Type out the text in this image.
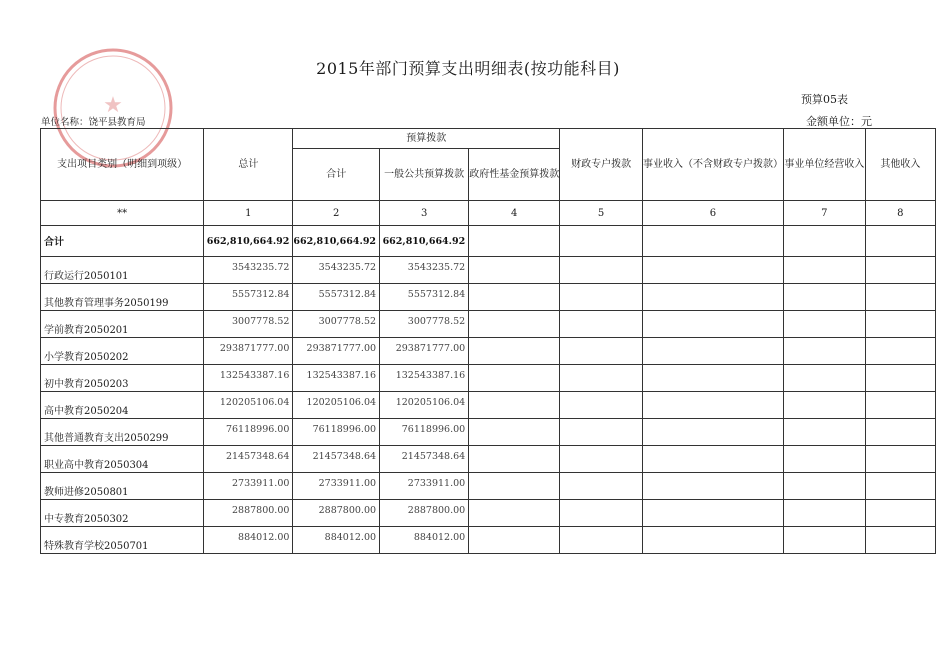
★
2015年部门预算支出明细表(按功能科目)
预算05表
单位名称：饶平县教育局	金额单位：元
支出项目类别（明细到项级）	总计	预算拨款			财政专户拨款	事业收入（不含财政专户拨款）	事业单位经营收入	其他收入
		合计	一般公共预算拨款	政府性基金预算拨款				
**	1	2	3	4	5	6	7	8
合计	662,810,664.92	662,810,664.92	662,810,664.92					
行政运行2050101	3543235.72	3543235.72	3543235.72					
其他教育管理事务2050199	5557312.84	5557312.84	5557312.84					
学前教育2050201	3007778.52	3007778.52	3007778.52					
小学教育2050202	293871777.00	293871777.00	293871777.00					
初中教育2050203	132543387.16	132543387.16	132543387.16					
高中教育2050204	120205106.04	120205106.04	120205106.04					
其他普通教育支出2050299	76118996.00	76118996.00	76118996.00					
职业高中教育2050304	21457348.64	21457348.64	21457348.64					
教师进修2050801	2733911.00	2733911.00	2733911.00					
中专教育2050302	2887800.00	2887800.00	2887800.00					
特殊教育学校2050701	884012.00	884012.00	884012.00					
